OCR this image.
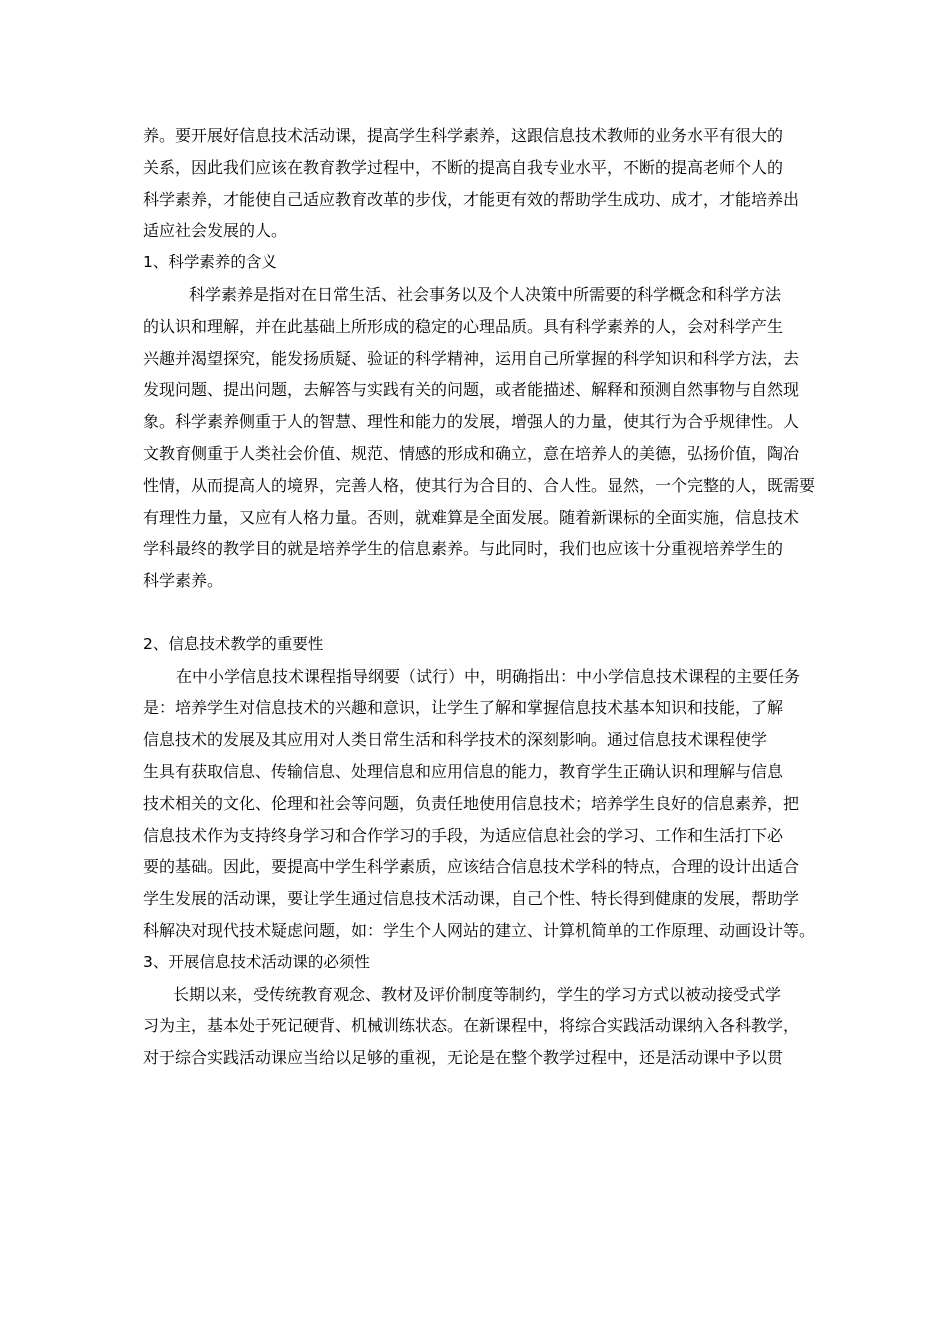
养。要开展好信息技术活动课，提高学生科学素养，这跟信息技术教师的业务水平有很大的
关系，因此我们应该在教育教学过程中，不断的提高自我专业水平，不断的提高老师个人的
科学素养，才能使自己适应教育改革的步伐，才能更有效的帮助学生成功、成才，才能培养出
适应社会发展的人。
1、科学素养的含义
科学素养是指对在日常生活、社会事务以及个人决策中所需要的科学概念和科学方法
的认识和理解，并在此基础上所形成的稳定的心理品质。具有科学素养的人，会对科学产生
兴趣并渴望探究，能发扬质疑、验证的科学精神，运用自己所掌握的科学知识和科学方法，去
发现问题、提出问题，去解答与实践有关的问题，或者能描述、解释和预测自然事物与自然现
象。科学素养侧重于人的智慧、理性和能力的发展，增强人的力量，使其行为合乎规律性。人
文教育侧重于人类社会价值、规范、情感的形成和确立，意在培养人的美德，弘扬价值，陶冶
性情，从而提高人的境界，完善人格，使其行为合目的、合人性。显然，一个完整的人，既需要
有理性力量，又应有人格力量。否则，就难算是全面发展。随着新课标的全面实施，信息技术
学科最终的教学目的就是培养学生的信息素养。与此同时，我们也应该十分重视培养学生的
科学素养。
2、信息技术教学的重要性
在中小学信息技术课程指导纲要（试行）中，明确指出：中小学信息技术课程的主要任务
是：培养学生对信息技术的兴趣和意识，让学生了解和掌握信息技术基本知识和技能，了解
信息技术的发展及其应用对人类日常生活和科学技术的深刻影响。通过信息技术课程使学
生具有获取信息、传输信息、处理信息和应用信息的能力，教育学生正确认识和理解与信息
技术相关的文化、伦理和社会等问题，负责任地使用信息技术；培养学生良好的信息素养，把
信息技术作为支持终身学习和合作学习的手段，为适应信息社会的学习、工作和生活打下必
要的基础。因此，要提高中学生科学素质，应该结合信息技术学科的特点，合理的设计出适合
学生发展的活动课，要让学生通过信息技术活动课，自己个性、特长得到健康的发展，帮助学
科解决对现代技术疑虑问题，如：学生个人网站的建立、计算机简单的工作原理、动画设计等。
3、开展信息技术活动课的必须性
长期以来，受传统教育观念、教材及评价制度等制约，学生的学习方式以被动接受式学
习为主，基本处于死记硬背、机械训练状态。在新课程中，将综合实践活动课纳入各科教学，
对于综合实践活动课应当给以足够的重视，无论是在整个教学过程中，还是活动课中予以贯
